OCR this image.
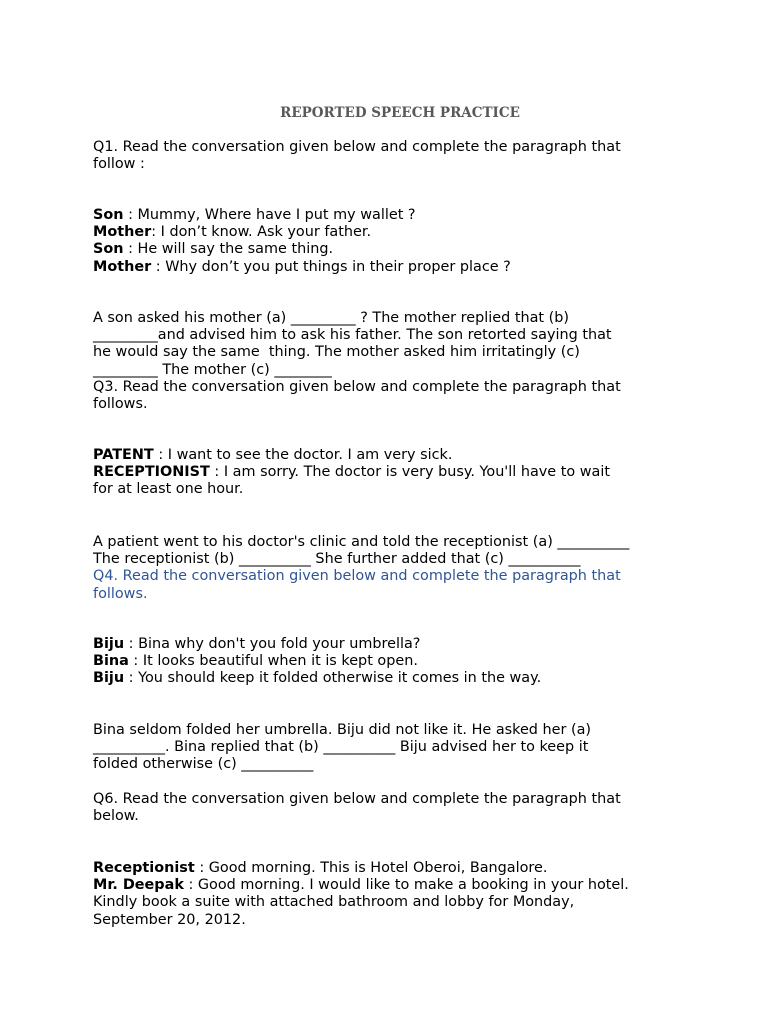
REPORTED SPEECH PRACTICE

Q1. Read the conversation given below and complete the paragraph that
follow :

Son : Mummy, Where have I put my wallet ?
Mother: I don’t know. Ask your father.
Son : He will say the same thing.
Mother : Why don’t you put things in their proper place ?
A son asked his mother (a) _________ ? The mother replied that (b)
_________and advised him to ask his father. The son retorted saying that
he would say the same  thing. The mother asked him irritatingly (c)
_________ The mother (c) ________
Q3. Read the conversation given below and complete the paragraph that
follows.
PATENT : I want to see the doctor. I am very sick.
RECEPTIONIST : I am sorry. The doctor is very busy. You'll have to wait
for at least one hour.
A patient went to his doctor's clinic and told the receptionist (a) __________
The receptionist (b) __________ She further added that (c) __________
Q4. Read the conversation given below and complete the paragraph that
follows.
Biju : Bina why don't you fold your umbrella?
Bina : It looks beautiful when it is kept open.
Biju : You should keep it folded otherwise it comes in the way.
Bina seldom folded her umbrella. Biju did not like it. He asked her (a)
__________. Bina replied that (b) __________ Biju advised her to keep it
folded otherwise (c) __________
Q6. Read the conversation given below and complete the paragraph that
below.
Receptionist : Good morning. This is Hotel Oberoi, Bangalore.
Mr. Deepak : Good morning. I would like to make a booking in your hotel.
Kindly book a suite with attached bathroom and lobby for Monday,
September 20, 2012.
